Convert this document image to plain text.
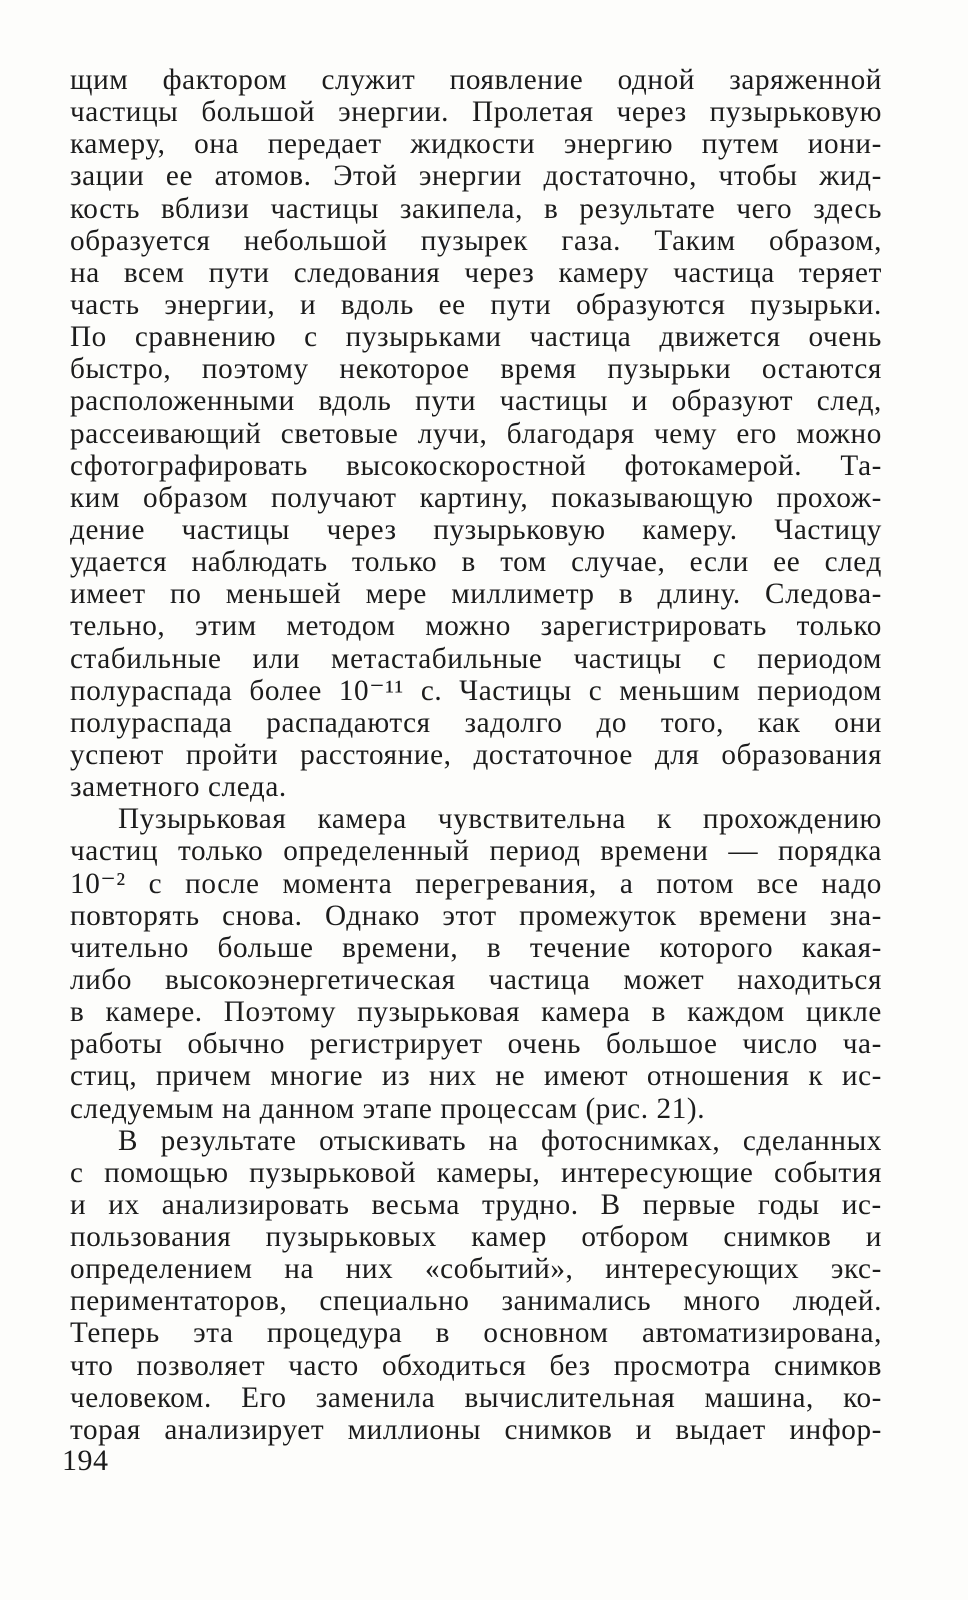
щим фактором служит появление одной заряженной
частицы большой энергии. Пролетая через пузырьковую
камеру, она передает жидкости энергию путем иони-
зации ее атомов. Этой энергии достаточно, чтобы жид-
кость вблизи частицы закипела, в результате чего здесь
образуется небольшой пузырек газа. Таким образом,
на всем пути следования через камеру частица теряет
часть энергии, и вдоль ее пути образуются пузырьки.
По сравнению с пузырьками частица движется очень
быстро, поэтому некоторое время пузырьки остаются
расположенными вдоль пути частицы и образуют след,
рассеивающий световые лучи, благодаря чему его можно
сфотографировать высокоскоростной фотокамерой. Та-
ким образом получают картину, показывающую прохож-
дение частицы через пузырьковую камеру. Частицу
удается наблюдать только в том случае, если ее след
имеет по меньшей мере миллиметр в длину. Следова-
тельно, этим методом можно зарегистрировать только
стабильные или метастабильные частицы с периодом
полураспада более 10⁻¹¹ с. Частицы с меньшим периодом
полураспада распадаются задолго до того, как они
успеют пройти расстояние, достаточное для образования
заметного следа.
Пузырьковая камера чувствительна к прохождению
частиц только определенный период времени — порядка
10⁻² с после момента перегревания, а потом все надо
повторять снова. Однако этот промежуток времени зна-
чительно больше времени, в течение которого какая-
либо высокоэнергетическая частица может находиться
в камере. Поэтому пузырьковая камера в каждом цикле
работы обычно регистрирует очень большое число ча-
стиц, причем многие из них не имеют отношения к ис-
следуемым на данном этапе процессам (рис. 21).
В результате отыскивать на фотоснимках, сделанных
с помощью пузырьковой камеры, интересующие события
и их анализировать весьма трудно. В первые годы ис-
пользования пузырьковых камер отбором снимков и
определением на них «событий», интересующих экс-
периментаторов, специально занимались много людей.
Теперь эта процедура в основном автоматизирована,
что позволяет часто обходиться без просмотра снимков
человеком. Его заменила вычислительная машина, ко-
торая анализирует миллионы снимков и выдает инфор-
194
